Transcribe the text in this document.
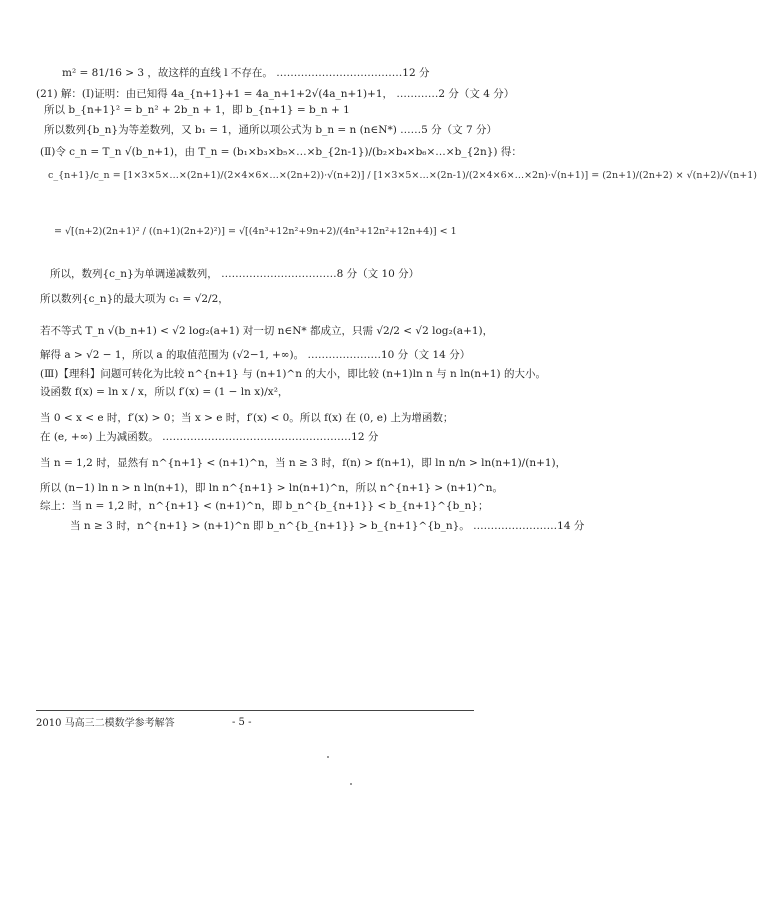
m² = 81/16 > 3 ，故这样的直线 l 不存在。 ………………………………12 分
(21) 解：(Ⅰ)证明：由已知得 4a_{n+1}+1 = 4a_n+1+2√(4a_n+1)+1， …………2 分（文 4 分）
所以 b_{n+1}² = b_n² + 2b_n + 1，即 b_{n+1} = b_n + 1
所以数列{b_n}为等差数列，又 b₁ = 1，通所以项公式为 b_n = n (n∈N*) ……5 分（文 7 分）
(Ⅱ)令 c_n = T_n √(b_n+1)，由 T_n = (b₁×b₃×b₅×…×b_{2n-1})/(b₂×b₄×b₆×…×b_{2n}) 得：
c_{n+1}/c_n = [1×3×5×…×(2n+1)/(2×4×6×…×(2n+2))·√(n+2)] / [1×3×5×…×(2n-1)/(2×4×6×…×2n)·√(n+1)] = (2n+1)/(2n+2) × √(n+2)/√(n+1)
= √[(n+2)(2n+1)² / ((n+1)(2n+2)²)] = √[(4n³+12n²+9n+2)/(4n³+12n²+12n+4)] < 1
所以，数列{c_n}为单调递减数列， ……………………………8 分（文 10 分）
所以数列{c_n}的最大项为 c₁ = √2/2，
若不等式 T_n √(b_n+1) < √2 log₂(a+1) 对一切 n∈N* 都成立，只需 √2/2 < √2 log₂(a+1)，
解得 a > √2 − 1，所以 a 的取值范围为 (√2−1, +∞)。 …………………10 分（文 14 分）
(Ⅲ)【理科】问题可转化为比较 n^{n+1} 与 (n+1)^n 的大小，即比较 (n+1)ln n 与 n ln(n+1) 的大小。
设函数 f(x) = ln x / x，所以 f′(x) = (1 − ln x)/x²，
当 0 < x < e 时，f′(x) > 0；当 x > e 时，f′(x) < 0。所以 f(x) 在 (0, e) 上为增函数；
在 (e, +∞) 上为减函数。 ………………………………………………12 分
当 n = 1,2 时，显然有 n^{n+1} < (n+1)^n，当 n ≥ 3 时，f(n) > f(n+1)，即 ln n/n > ln(n+1)/(n+1)，
所以 (n−1) ln n > n ln(n+1)，即 ln n^{n+1} > ln(n+1)^n，所以 n^{n+1} > (n+1)^n。
综上：当 n = 1,2 时，n^{n+1} < (n+1)^n，即 b_n^{b_{n+1}} < b_{n+1}^{b_n}；
当 n ≥ 3 时，n^{n+1} > (n+1)^n 即 b_n^{b_{n+1}} > b_{n+1}^{b_n}。 ……………………14 分
2010 马高三二模数学参考解答	- 5 -
